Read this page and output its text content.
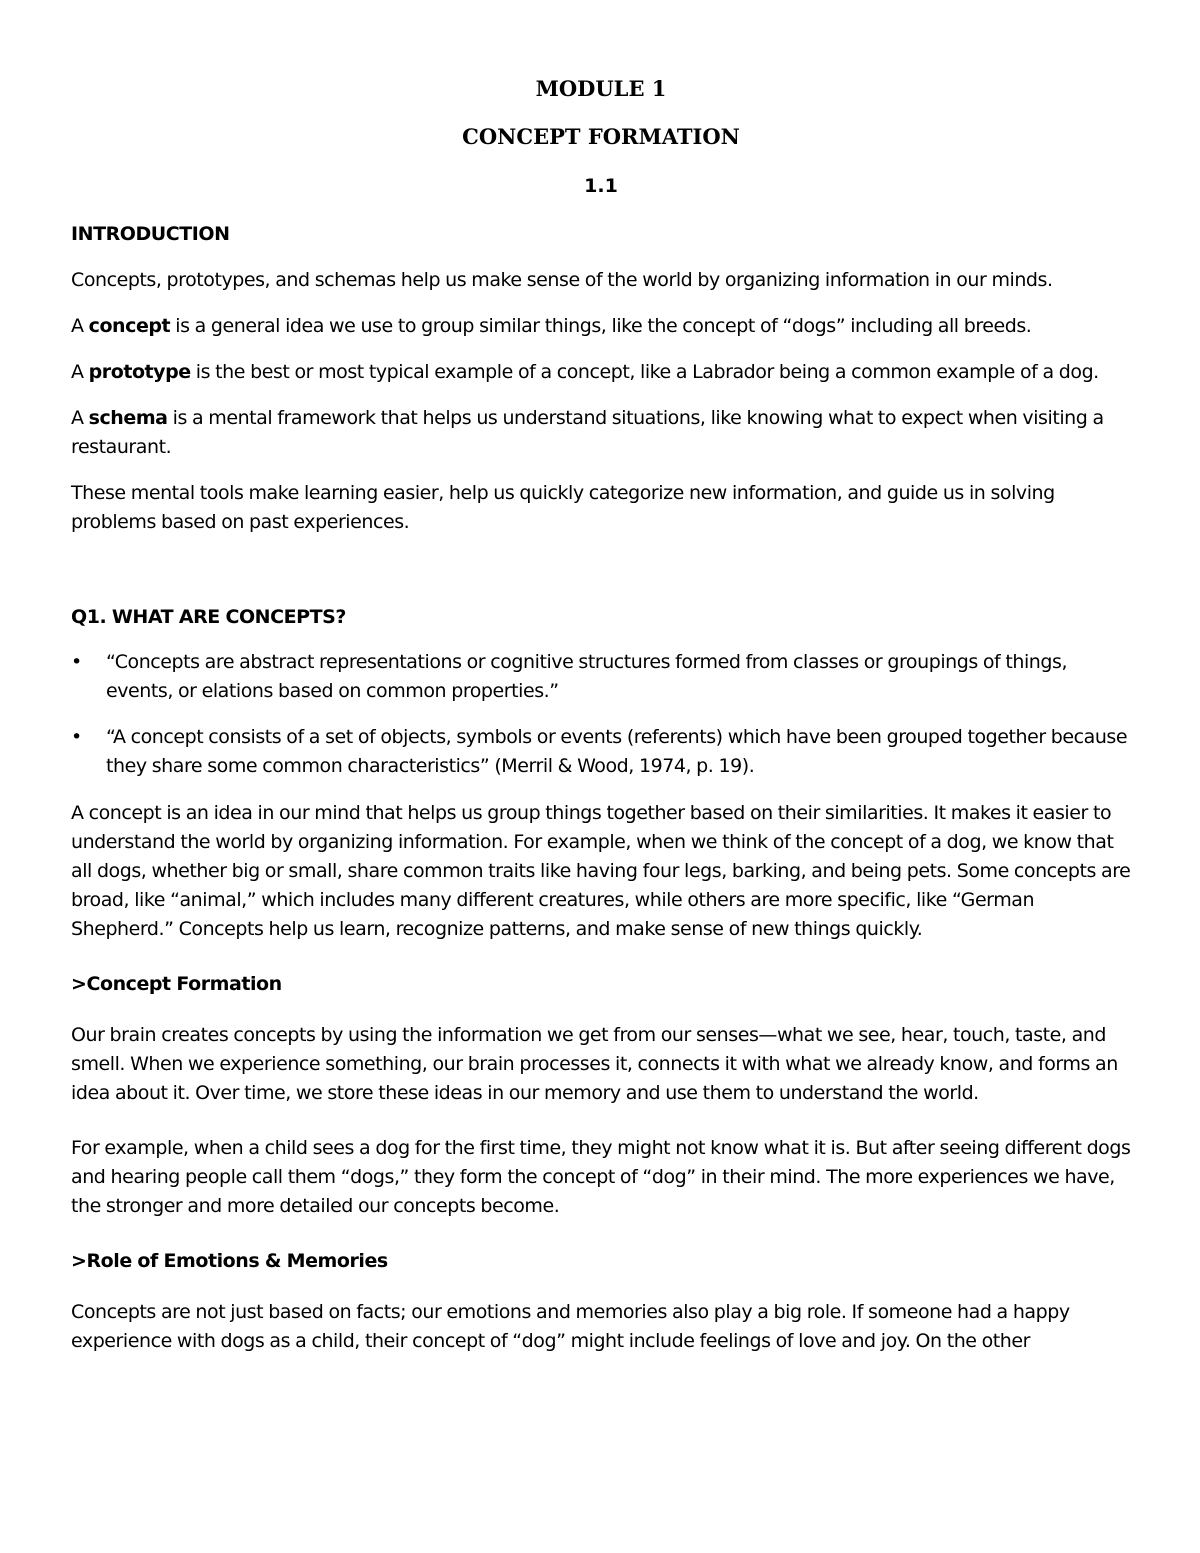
MODULE 1
CONCEPT FORMATION
1.1

INTRODUCTION

Concepts, prototypes, and schemas help us make sense of the world by organizing information in our minds.

A concept is a general idea we use to group similar things, like the concept of “dogs” including all breeds.

A prototype is the best or most typical example of a concept, like a Labrador being a common example of a dog.

A schema is a mental framework that helps us understand situations, like knowing what to expect when visiting a restaurant.

These mental tools make learning easier, help us quickly categorize new information, and guide us in solving problems based on past experiences.

Q1. WHAT ARE CONCEPTS?

• “Concepts are abstract representations or cognitive structures formed from classes or groupings of things, events, or elations based on common properties.”
• “A concept consists of a set of objects, symbols or events (referents) which have been grouped together because they share some common characteristics” (Merril & Wood, 1974, p. 19).

A concept is an idea in our mind that helps us group things together based on their similarities. It makes it easier to understand the world by organizing information. For example, when we think of the concept of a dog, we know that all dogs, whether big or small, share common traits like having four legs, barking, and being pets. Some concepts are broad, like “animal,” which includes many different creatures, while others are more specific, like “German Shepherd.” Concepts help us learn, recognize patterns, and make sense of new things quickly.

>Concept Formation

Our brain creates concepts by using the information we get from our senses—what we see, hear, touch, taste, and smell. When we experience something, our brain processes it, connects it with what we already know, and forms an idea about it. Over time, we store these ideas in our memory and use them to understand the world.

For example, when a child sees a dog for the first time, they might not know what it is. But after seeing different dogs and hearing people call them “dogs,” they form the concept of “dog” in their mind. The more experiences we have, the stronger and more detailed our concepts become.

>Role of Emotions & Memories

Concepts are not just based on facts; our emotions and memories also play a big role. If someone had a happy experience with dogs as a child, their concept of “dog” might include feelings of love and joy. On the other
